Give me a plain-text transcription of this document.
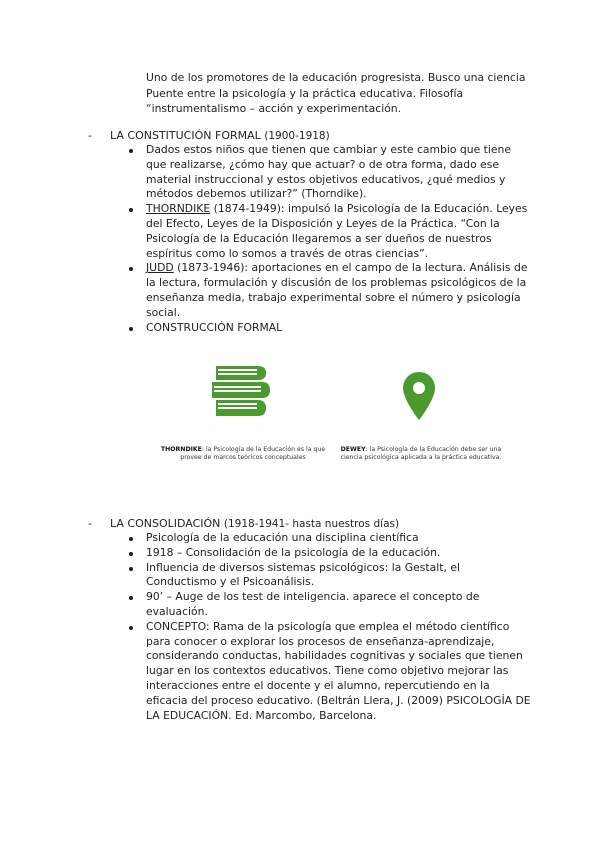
Uno de los promotores de la educación progresista. Busco una ciencia Puente entre la psicología y la práctica educativa. Filosofía “instrumentalismo – acción y experimentación.
- LA CONSTITUCIÓN FORMAL (1900-1918)
Dados estos niños que tienen que cambiar y este cambio que tiene que realizarse, ¿cómo hay que actuar? o de otra forma, dado ese material instruccional y estos objetivos educativos, ¿qué medios y métodos debemos utilizar?” (Thorndike).
THORNDIKE (1874-1949): impulsó la Psicología de la Educación. Leyes del Efecto, Leyes de la Disposición y Leyes de la Práctica. “Con la Psicología de la Educación llegaremos a ser dueños de nuestros espíritus como lo somos a través de otras ciencias”.
JUDD (1873-1946): aportaciones en el campo de la lectura. Análisis de la lectura, formulación y discusión de los problemas psicológicos de la enseñanza media, trabajo experimental sobre el número y psicología social.
CONSTRUCCIÓN FORMAL
THORNDIKE: la Psicología de la Educación es la que provee de marcos teóricos conceptuales
DEWEY: la Psicología de la Educación debe ser una ciencia psicológica aplicada a la práctica educativa.
- LA CONSOLIDACIÓN (1918-1941- hasta nuestros días)
Psicología de la educación una disciplina científica
1918 – Consolidación de la psicología de la educación.
Influencia de diversos sistemas psicológicos: la Gestalt, el Conductismo y el Psicoanálisis.
90’ – Auge de los test de inteligencia. aparece el concepto de evaluación.
CONCEPTO: Rama de la psicología que emplea el método científico para conocer o explorar los procesos de enseñanza-aprendizaje, considerando conductas, habilidades cognitivas y sociales que tienen lugar en los contextos educativos. Tiene como objetivo mejorar las interacciones entre el docente y el alumno, repercutiendo en la eficacia del proceso educativo. (Beltrán Llera, J. (2009) PSICOLOGÍA DE LA EDUCACIÓN. Ed. Marcombo, Barcelona.
